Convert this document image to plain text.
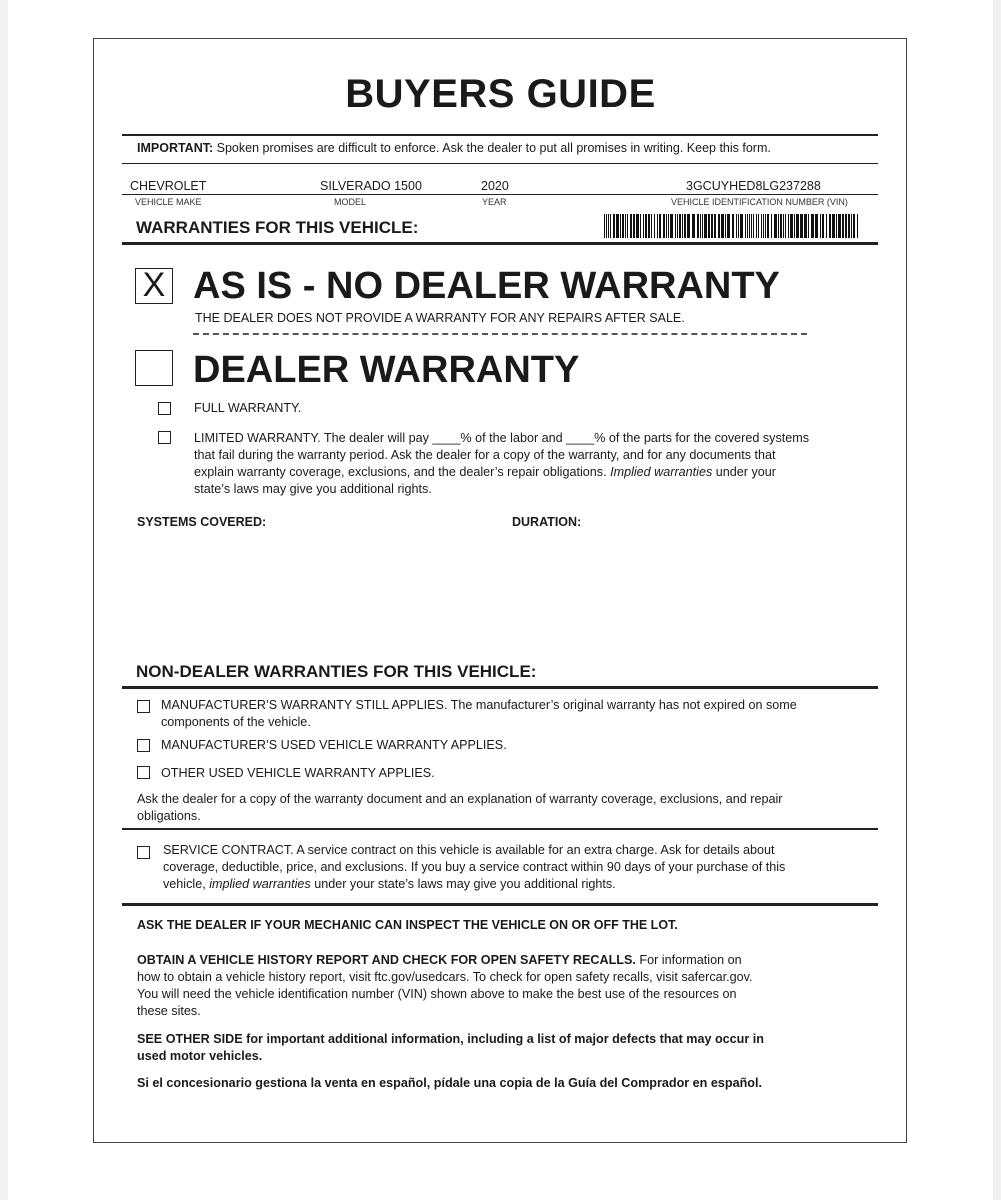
BUYERS GUIDE
IMPORTANT: Spoken promises are difficult to enforce. Ask the dealer to put all promises in writing. Keep this form.
CHEVROLET	SILVERADO 1500	2020	3GCUYHED8LG237288
VEHICLE MAKE	MODEL	YEAR	VEHICLE IDENTIFICATION NUMBER (VIN)
WARRANTIES FOR THIS VEHICLE:
X AS IS - NO DEALER WARRANTY
THE DEALER DOES NOT PROVIDE A WARRANTY FOR ANY REPAIRS AFTER SALE.
DEALER WARRANTY
FULL WARRANTY.
LIMITED WARRANTY. The dealer will pay ____% of the labor and ____% of the parts for the covered systems
that fail during the warranty period. Ask the dealer for a copy of the warranty, and for any documents that
explain warranty coverage, exclusions, and the dealer’s repair obligations. Implied warranties under your
state’s laws may give you additional rights.
SYSTEMS COVERED:	DURATION:
NON-DEALER WARRANTIES FOR THIS VEHICLE:
MANUFACTURER’S WARRANTY STILL APPLIES. The manufacturer’s original warranty has not expired on some
components of the vehicle.
MANUFACTURER’S USED VEHICLE WARRANTY APPLIES.
OTHER USED VEHICLE WARRANTY APPLIES.
Ask the dealer for a copy of the warranty document and an explanation of warranty coverage, exclusions, and repair
obligations.
SERVICE CONTRACT. A service contract on this vehicle is available for an extra charge. Ask for details about
coverage, deductible, price, and exclusions. If you buy a service contract within 90 days of your purchase of this
vehicle, implied warranties under your state’s laws may give you additional rights.
ASK THE DEALER IF YOUR MECHANIC CAN INSPECT THE VEHICLE ON OR OFF THE LOT.
OBTAIN A VEHICLE HISTORY REPORT AND CHECK FOR OPEN SAFETY RECALLS. For information on
how to obtain a vehicle history report, visit ftc.gov/usedcars. To check for open safety recalls, visit safercar.gov.
You will need the vehicle identification number (VIN) shown above to make the best use of the resources on
these sites.
SEE OTHER SIDE for important additional information, including a list of major defects that may occur in
used motor vehicles.
Si el concesionario gestiona la venta en español, pídale una copia de la Guía del Comprador en español.
